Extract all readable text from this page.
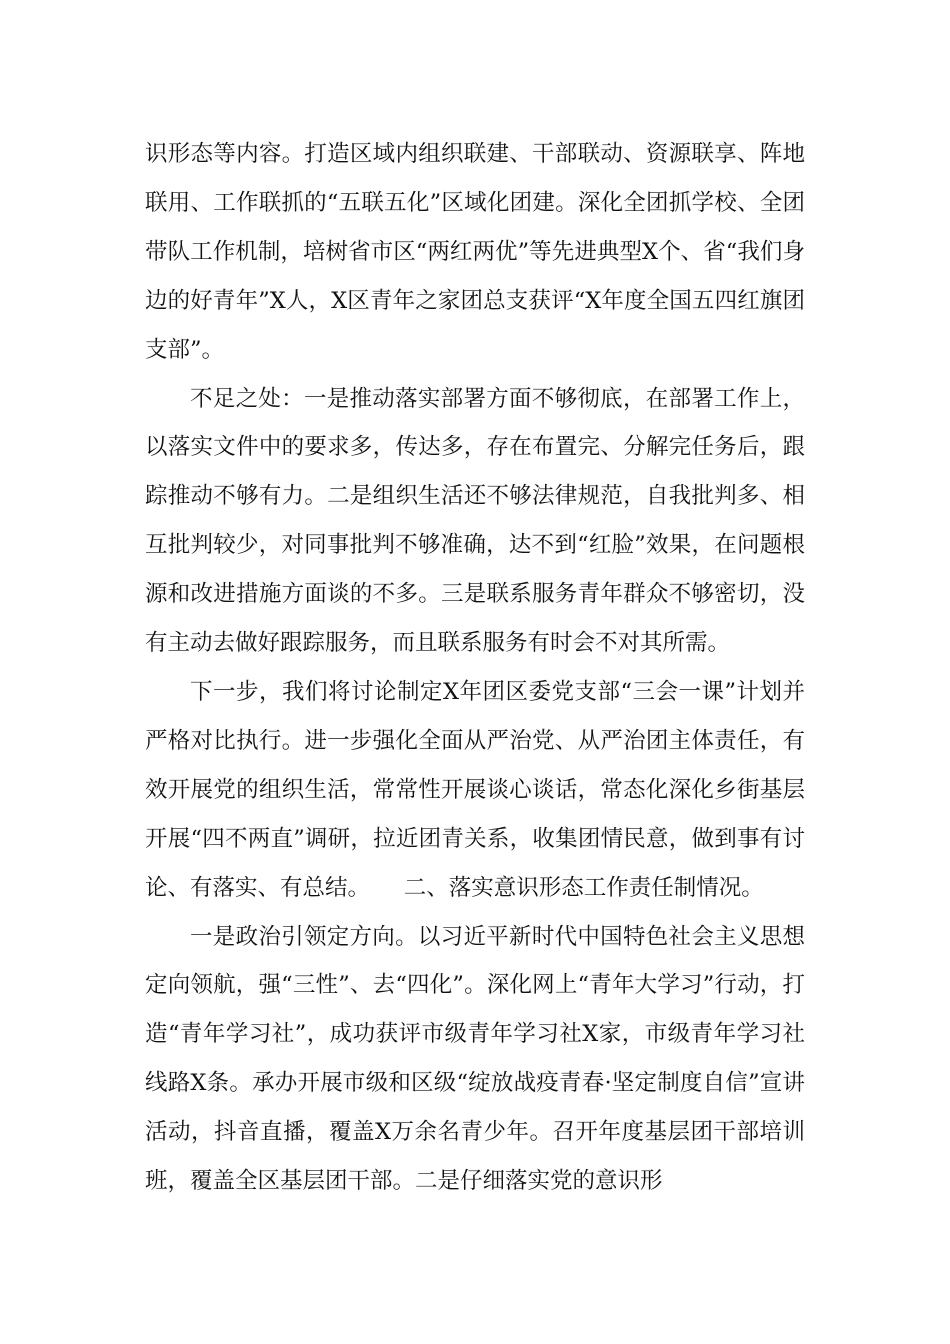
识形态等内容。打造区域内组织联建、干部联动、资源联享、阵地联用、工作联抓的“五联五化”区域化团建。深化全团抓学校、全团带队工作机制，培树省市区“两红两优”等先进典型X个、省“我们身边的好青年”X人，X区青年之家团总支获评“X年度全国五四红旗团支部”。

不足之处：一是推动落实部署方面不够彻底，在部署工作上，以落实文件中的要求多，传达多，存在布置完、分解完任务后，跟踪推动不够有力。二是组织生活还不够法律规范，自我批判多、相互批判较少，对同事批判不够准确，达不到“红脸”效果，在问题根源和改进措施方面谈的不多。三是联系服务青年群众不够密切，没有主动去做好跟踪服务，而且联系服务有时会不对其所需。

下一步，我们将讨论制定X年团区委党支部“三会一课”计划并严格对比执行。进一步强化全面从严治党、从严治团主体责任，有效开展党的组织生活，常常性开展谈心谈话，常态化深化乡街基层开展“四不两直”调研，拉近团青关系，收集团情民意，做到事有讨论、有落实、有总结。　　二、落实意识形态工作责任制情况。

一是政治引领定方向。以习近平新时代中国特色社会主义思想定向领航，强“三性”、去“四化”。深化网上“青年大学习”行动，打造“青年学习社”，成功获评市级青年学习社X家，市级青年学习社线路X条。承办开展市级和区级“绽放战疫青春·坚定制度自信”宣讲活动，抖音直播，覆盖X万余名青少年。召开年度基层团干部培训班，覆盖全区基层团干部。二是仔细落实党的意识形
